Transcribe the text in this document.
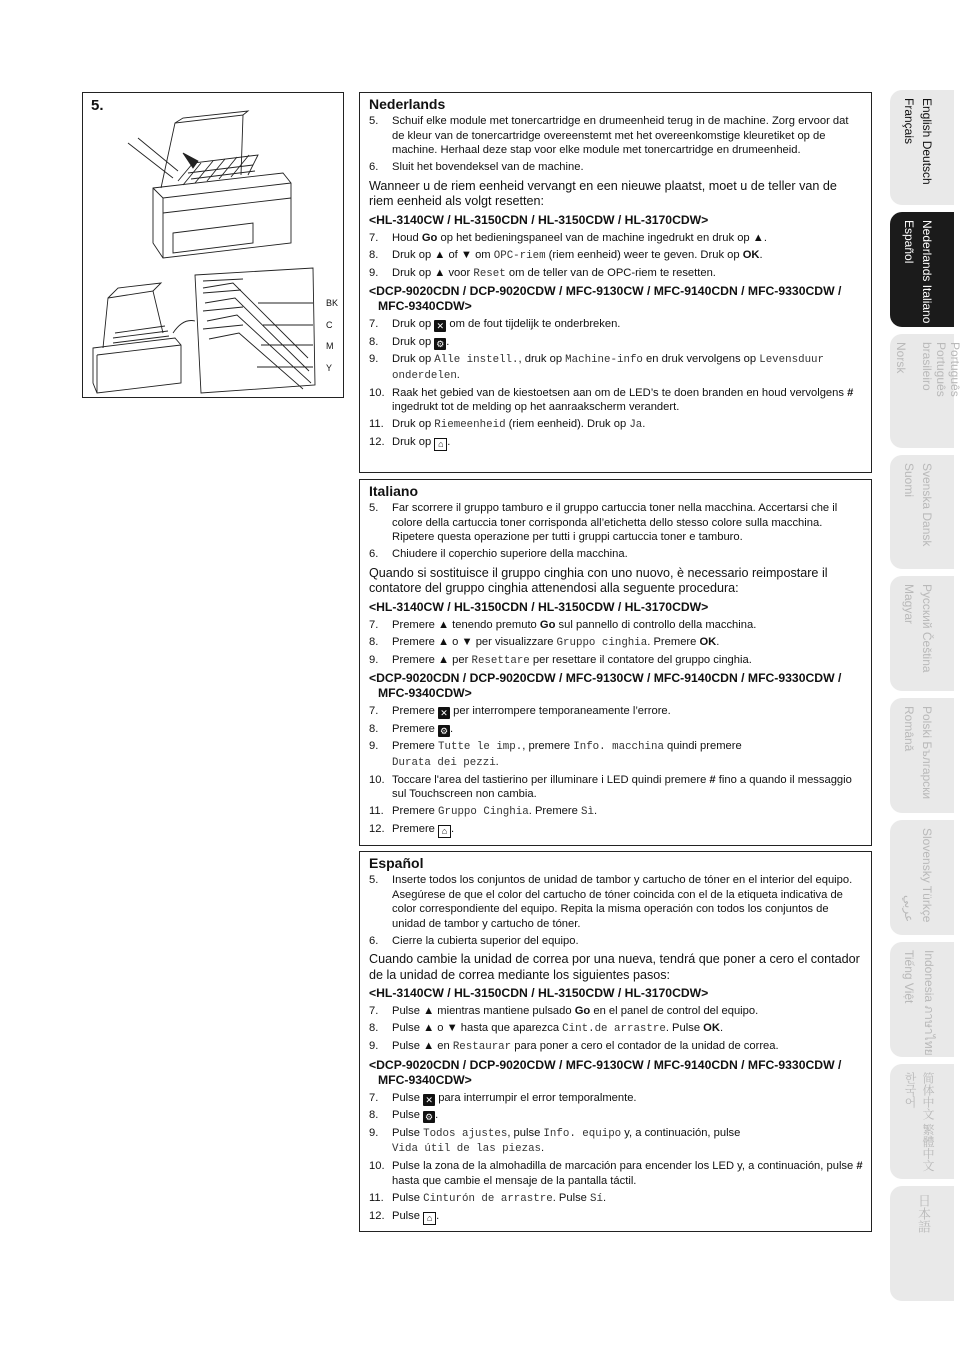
5.
BK
C
M
Y
Nederlands
5. Schuif elke module met tonercartridge en drumeenheid terug in de machine. Zorg ervoor dat de kleur van de tonercartridge overeenstemt met het overeenkomstige kleuretiket op de machine. Herhaal deze stap voor elke module met tonercartridge en drumeenheid.
6. Sluit het bovendeksel van de machine.
Wanneer u de riem eenheid vervangt en een nieuwe plaatst, moet u de teller van de riem eenheid als volgt resetten:
<HL-3140CW / HL-3150CDN / HL-3150CDW / HL-3170CDW>
7. Houd Go op het bedieningspaneel van de machine ingedrukt en druk op ▲.
8. Druk op ▲ of ▼ om OPC-riem (riem eenheid) weer te geven. Druk op OK.
9. Druk op ▲ voor Reset om de teller van de OPC-riem te resetten.
<DCP-9020CDN / DCP-9020CDW / MFC-9130CW / MFC-9140CDN / MFC-9330CDW / MFC-9340CDW>
7. Druk op ✕ om de fout tijdelijk te onderbreken.
8. Druk op ⚙ .
9. Druk op Alle instell., druk op Machine-info en druk vervolgens op Levensduur onderdelen.
10. Raak het gebied van de kiestoetsen aan om de LED’s te doen branden en houd vervolgens # ingedrukt tot de melding op het aanraakscherm verandert.
11. Druk op Riemeenheid (riem eenheid). Druk op Ja.
12. Druk op ⌂ .
Italiano
5. Far scorrere il gruppo tamburo e il gruppo cartuccia toner nella macchina. Accertarsi che il colore della cartuccia toner corrisponda all’etichetta dello stesso colore sulla macchina. Ripetere questa operazione per tutti i gruppi cartuccia toner e tamburo.
6. Chiudere il coperchio superiore della macchina.
Quando si sostituisce il gruppo cinghia con uno nuovo, è necessario reimpostare il contatore del gruppo cinghia attenendosi alla seguente procedura:
<HL-3140CW / HL-3150CDN / HL-3150CDW / HL-3170CDW>
7. Premere ▲ tenendo premuto Go sul pannello di controllo della macchina.
8. Premere ▲ o ▼ per visualizzare Gruppo cinghia. Premere OK.
9. Premere ▲ per Resettare per resettare il contatore del gruppo cinghia.
<DCP-9020CDN / DCP-9020CDW / MFC-9130CW / MFC-9140CDN / MFC-9330CDW / MFC-9340CDW>
7. Premere ✕ per interrompere temporaneamente l’errore.
8. Premere ⚙ .
9. Premere Tutte le imp., premere Info. macchina quindi premere
Durata dei pezzi.
10. Toccare l'area del tastierino per illuminare i LED quindi premere # fino a quando il messaggio sul Touchscreen non cambia.
11. Premere Gruppo Cinghia. Premere Sì.
12. Premere ⌂ .
Español
5. Inserte todos los conjuntos de unidad de tambor y cartucho de tóner en el interior del equipo. Asegúrese de que el color del cartucho de tóner coincida con el de la etiqueta indicativa de color correspondiente del equipo. Repita la misma operación con todos los conjuntos de unidad de tambor y cartucho de tóner.
6. Cierre la cubierta superior del equipo.
Cuando cambie la unidad de correa por una nueva, tendrá que poner a cero el contador de la unidad de correa mediante los siguientes pasos:
<HL-3140CW / HL-3150CDN / HL-3150CDW / HL-3170CDW>
7. Pulse ▲ mientras mantiene pulsado Go en el panel de control del equipo.
8. Pulse ▲ o ▼ hasta que aparezca Cint.de arrastre. Pulse OK.
9. Pulse ▲ en Restaurar para poner a cero el contador de la unidad de correa.
<DCP-9020CDN / DCP-9020CDW / MFC-9130CW / MFC-9140CDN / MFC-9330CDW / MFC-9340CDW>
7. Pulse ✕ para interrumpir el error temporalmente.
8. Pulse ⚙ .
9. Pulse Todos ajustes, pulse Info. equipo y, a continuación, pulse
Vida útil de las piezas.
10. Pulse la zona de la almohadilla de marcación para encender los LED y, a continuación, pulse # hasta que cambie el mensaje de la pantalla táctil.
11. Pulse Cinturón de arrastre. Pulse Sí.
12. Pulse ⌂ .
English Deutsch
Français
Nederlands Italiano
Español
Português Português brasileiro
Norsk
Svenska Dansk
Suomi
Русский Čeština
Magyar
Polski Български
Română
Slovensky Türkçe
عربي
Indonesia ภาษาไทย
Tiếng Việt
简体中文 繁體中文
한국어
日本語
